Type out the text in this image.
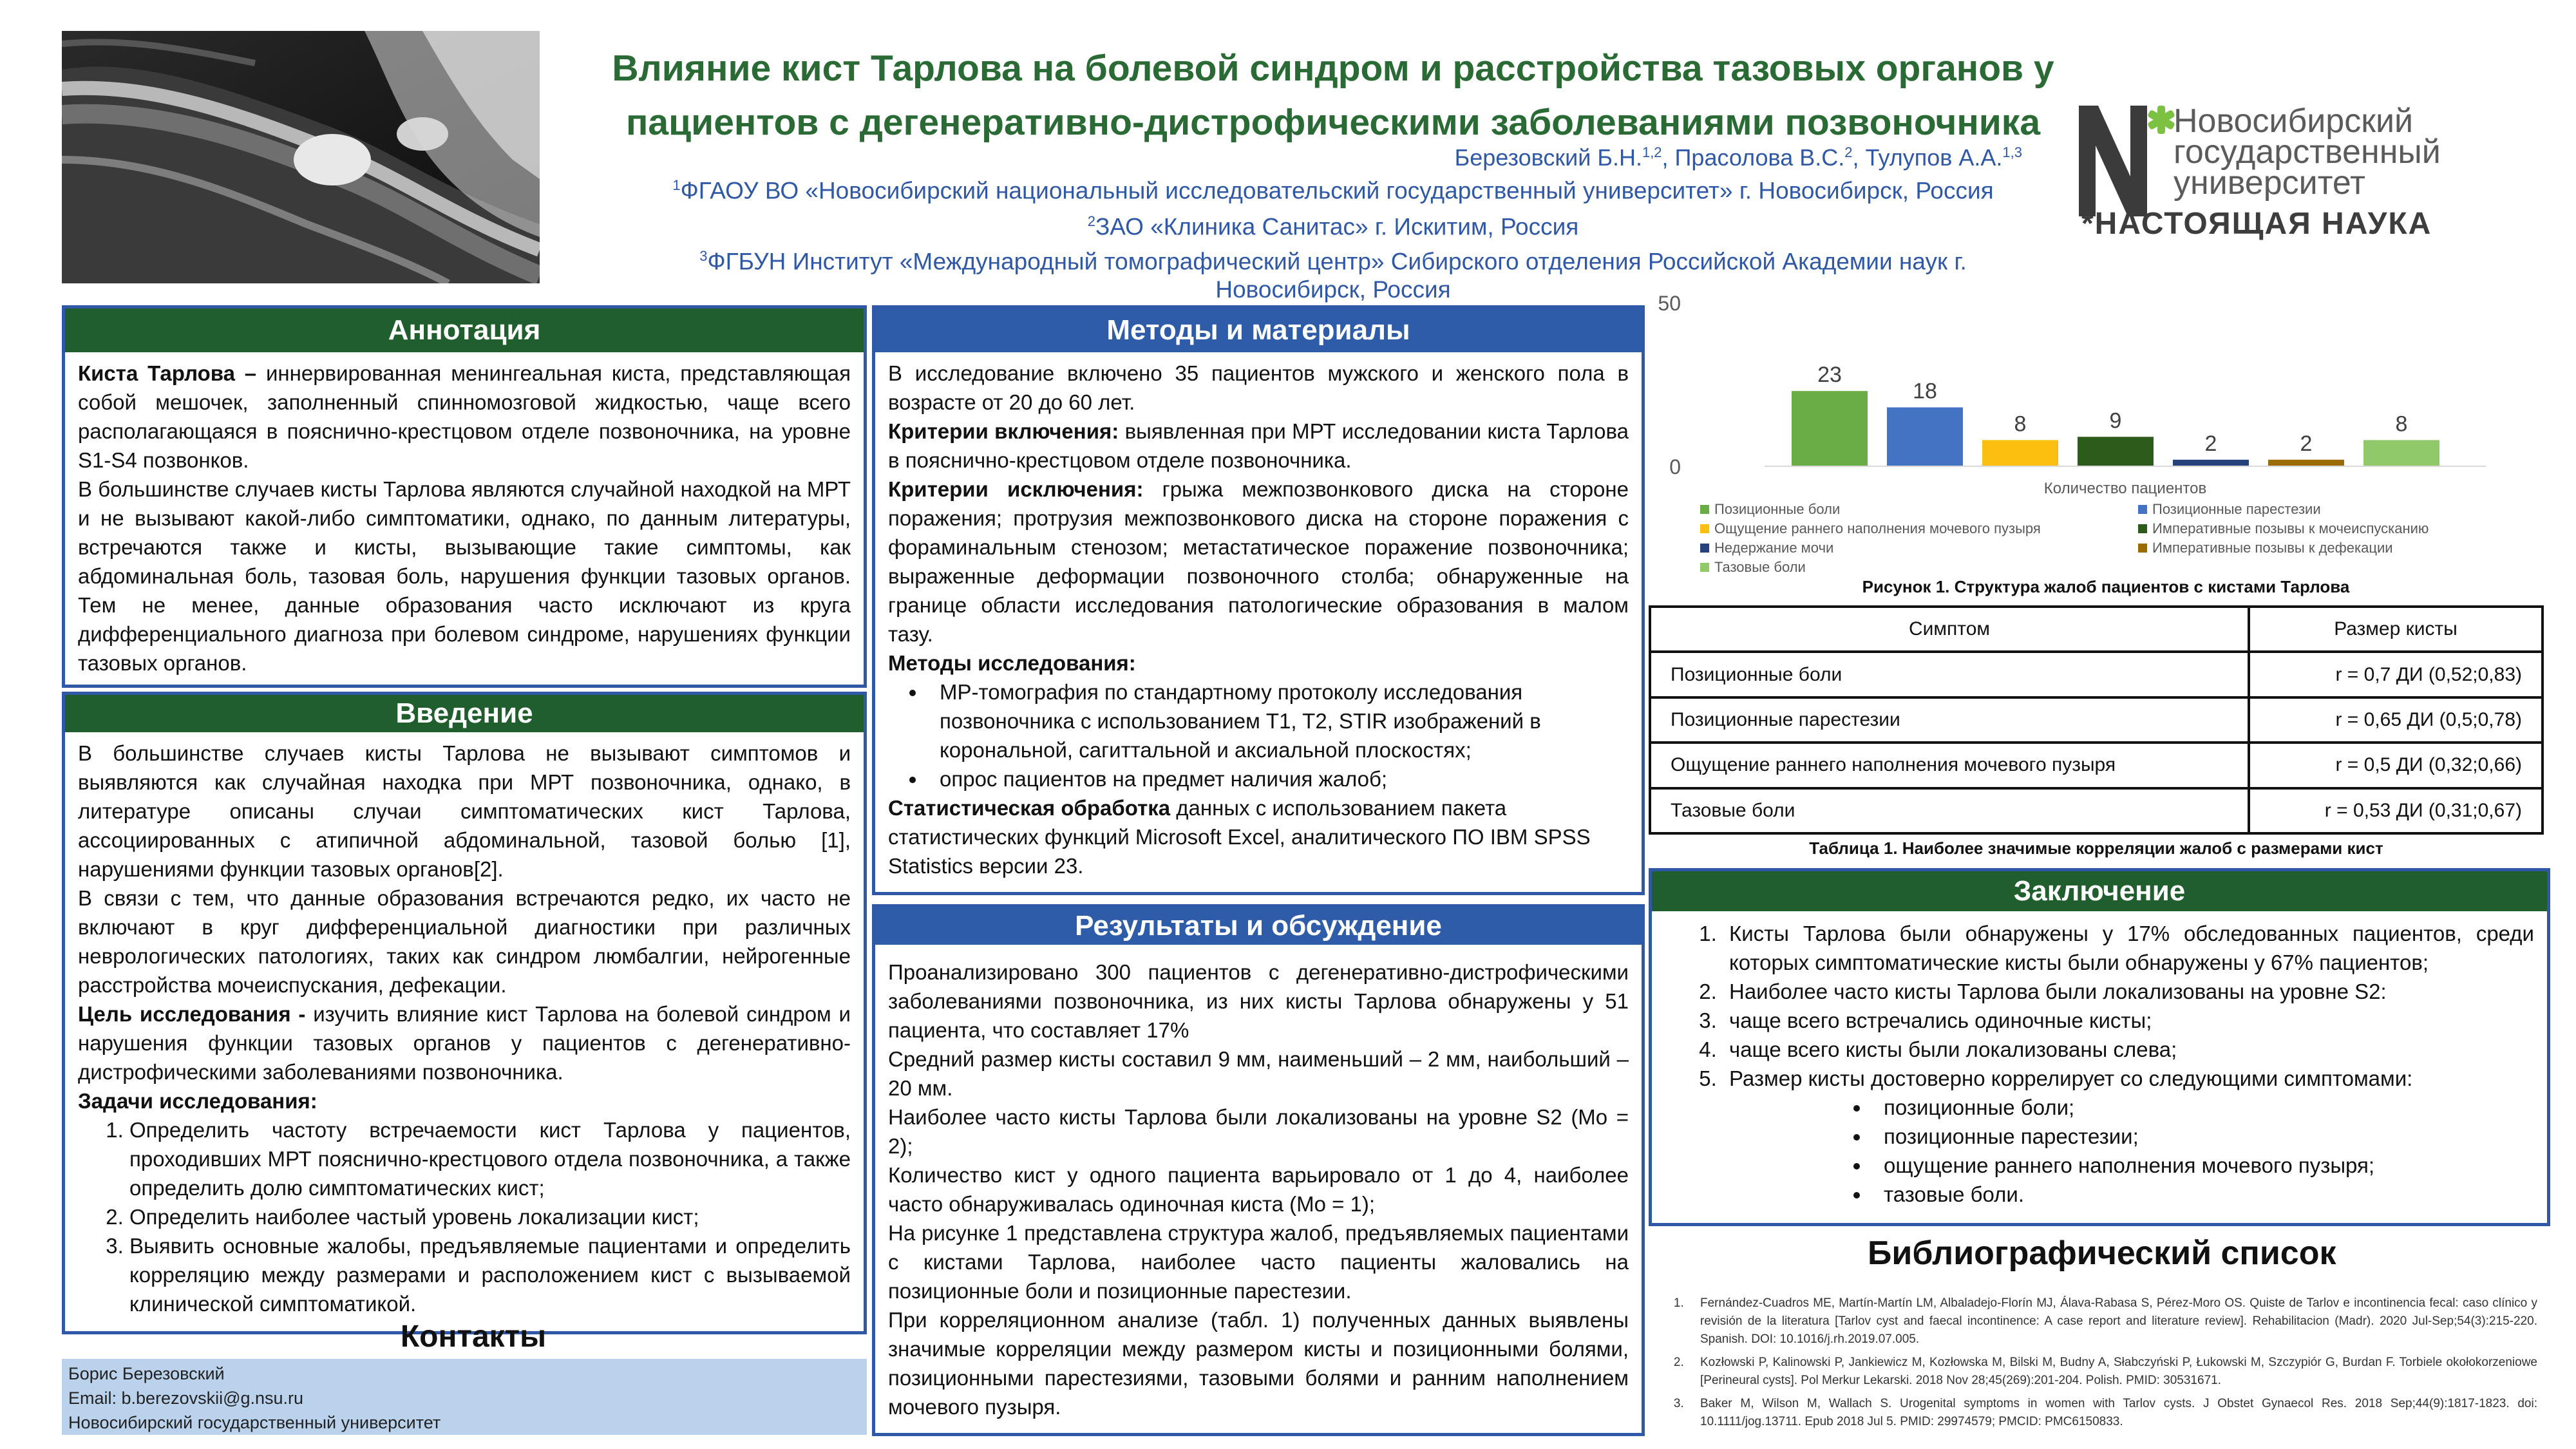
Влияние кист Тарлова на болевой синдром и расстройства тазовых органов у
пациентов с дегенеративно-дистрофическими заболеваниями позвоночника
Березовский Б.Н.$^{1,2}$, Прасолова В.С.$^2$, Тулупов А.А.$^{1,3}$
$^1$ФГАОУ ВО «Новосибирский национальный исследовательский государственный университет» г. Новосибирск, Россия
$^2$ЗАО «Клиника Санитас» г. Искитим, Россия
$^3$ФГБУН Институт «Международный томографический центр» Сибирского отделения Российской Академии наук г.
Новосибирск, Россия
Новосибирский
государственный
университет
*НАСТОЯЩАЯ НАУКА
Аннотация

Киста Тарлова – иннервированная менингеальная киста, представляющая собой мешочек, заполненный спинномозговой жидкостью, чаще всего располагающаяся в пояснично-крестцовом отделе позвоночника, на уровне S1-S4 позвонков.

В большинстве случаев кисты Тарлова являются случайной находкой на МРТ и не вызывают какой-либо симптоматики, однако, по данным литературы, встречаются также и кисты, вызывающие такие симптомы, как абдоминальная боль, тазовая боль, нарушения функции тазовых органов. Тем не менее, данные образования часто исключают из круга дифференциального диагноза при болевом синдроме, нарушениях функции тазовых органов.

Введение

В большинстве случаев кисты Тарлова не вызывают симптомов и выявляются как случайная находка при МРТ позвоночника, однако, в литературе описаны случаи симптоматических кист Тарлова, ассоциированных с атипичной абдоминальной, тазовой болью [1], нарушениями функции тазовых органов[2].

В связи с тем, что данные образования встречаются редко, их часто не включают в круг дифференциальной диагностики при различных неврологических патологиях, таких как синдром люмбалгии, нейрогенные расстройства мочеиспускания, дефекации.

Цель исследования - изучить влияние кист Тарлова на болевой синдром и нарушения функции тазовых органов у пациентов с дегенеративно-дистрофическими заболеваниями позвоночника.

Задачи исследования:

1. Определить частоту встречаемости кист Тарлова у пациентов, проходивших МРТ пояснично-крестцового отдела позвоночника, а также определить долю симптоматических кист;
2. Определить наиболее частый уровень локализации кист;
3. Выявить основные жалобы, предъявляемые пациентами и определить корреляцию между размерами и расположением кист с вызываемой клинической симптоматикой.
Контакты
Борис Березовский
Email: b.berezovskii@g.nsu.ru
Новосибирский государственный университет
Методы и материалы

В исследование включено 35 пациентов мужского и женского пола в возрасте от 20 до 60 лет.

Критерии включения: выявленная при МРТ исследовании киста Тарлова в пояснично-крестцовом отделе позвоночника.

Критерии исключения: грыжа межпозвонкового диска на стороне поражения; протрузия межпозвонкового диска на стороне поражения с фораминальным стенозом; метастатическое поражение позвоночника; выраженные деформации позвоночного столба; обнаруженные на границе области исследования патологические образования в малом тазу.

Методы исследования:

• МР-томография по стандартному протоколу исследования позвоночника с использованием T1, T2, STIR изображений в корональной, сагиттальной и аксиальной плоскостях;
• опрос пациентов на предмет наличия жалоб;

Статистическая обработка данных с использованием пакета статистических функций Microsoft Excel, аналитического ПО IBM SPSS Statistics версии 23.

Результаты и обсуждение

Проанализировано 300 пациентов с дегенеративно-дистрофическими заболеваниями позвоночника, из них кисты Тарлова обнаружены у 51 пациента, что составляет 17%

Средний размер кисты составил 9 мм, наименьший – 2 мм, наибольший – 20 мм.

Наиболее часто кисты Тарлова были локализованы на уровне S2 (Mo = 2);

Количество кист у одного пациента варьировало от 1 до 4, наиболее часто обнаруживалась одиночная киста (Mo = 1);

На рисунке 1 представлена структура жалоб, предъявляемых пациентами с кистами Тарлова, наиболее часто пациенты жаловались на позиционные боли и позиционные парестезии.

При корреляционном анализе (табл. 1) полученных данных выявлены значимые корреляции между размером кисты и позиционными болями, позиционными парестезиями, тазовыми болями и ранним наполнением мочевого пузыря.

0
50
23
18
8	9
2	2
8
Количество пациентов
Позиционные боли	Позиционные парестезии
Ощущение раннего наполнения мочевого пузыря	Императивные позывы к мочеиспусканию
Недержание мочи	Императивные позывы к дефекации
Тазовые боли
Рисунок 1. Структура жалоб пациентов с кистами Тарлова
Симптом	Размер кисты
Позиционные боли	r = 0,7 ДИ (0,52;0,83)
Позиционные парестезии	r = 0,65 ДИ (0,5;0,78)
Ощущение раннего наполнения мочевого пузыря	r = 0,5 ДИ (0,32;0,66)
Тазовые боли	r = 0,53 ДИ (0,31;0,67)
Таблица 1. Наиболее значимые корреляции жалоб с размерами кист
Заключение
1. Кисты Тарлова были обнаружены у 17% обследованных пациентов, среди которых симптоматические кисты были обнаружены у 67% пациентов;
2. Наиболее часто кисты Тарлова были локализованы на уровне S2:
3. чаще всего встречались одиночные кисты;
4. чаще всего кисты были локализованы слева;
5. Размер кисты достоверно коррелирует со следующими симптомами:
• позиционные боли;
• позиционные парестезии;
• ощущение раннего наполнения мочевого пузыря;
• тазовые боли.
Библиографический список
1. Fernández-Cuadros ME, Martín-Martín LM, Albaladejo-Florín MJ, Álava-Rabasa S, Pérez-Moro OS. Quiste de Tarlov e incontinencia fecal: caso clínico y revisión de la literatura [Tarlov cyst and faecal incontinence: A case report and literature review]. Rehabilitacion (Madr). 2020 Jul-Sep;54(3):215-220. Spanish. DOI: 10.1016/j.rh.2019.07.005.
2. Kozłowski P, Kalinowski P, Jankiewicz M, Kozłowska M, Bilski M, Budny A, Słabczyński P, Łukowski M, Szczypiór G, Burdan F. Torbiele okołokorzeniowe [Perineural cysts]. Pol Merkur Lekarski. 2018 Nov 28;45(269):201-204. Polish. PMID: 30531671.
3. Baker M, Wilson M, Wallach S. Urogenital symptoms in women with Tarlov cysts. J Obstet Gynaecol Res. 2018 Sep;44(9):1817-1823. doi: 10.1111/jog.13711. Epub 2018 Jul 5. PMID: 29974579; PMCID: PMC6150833.
